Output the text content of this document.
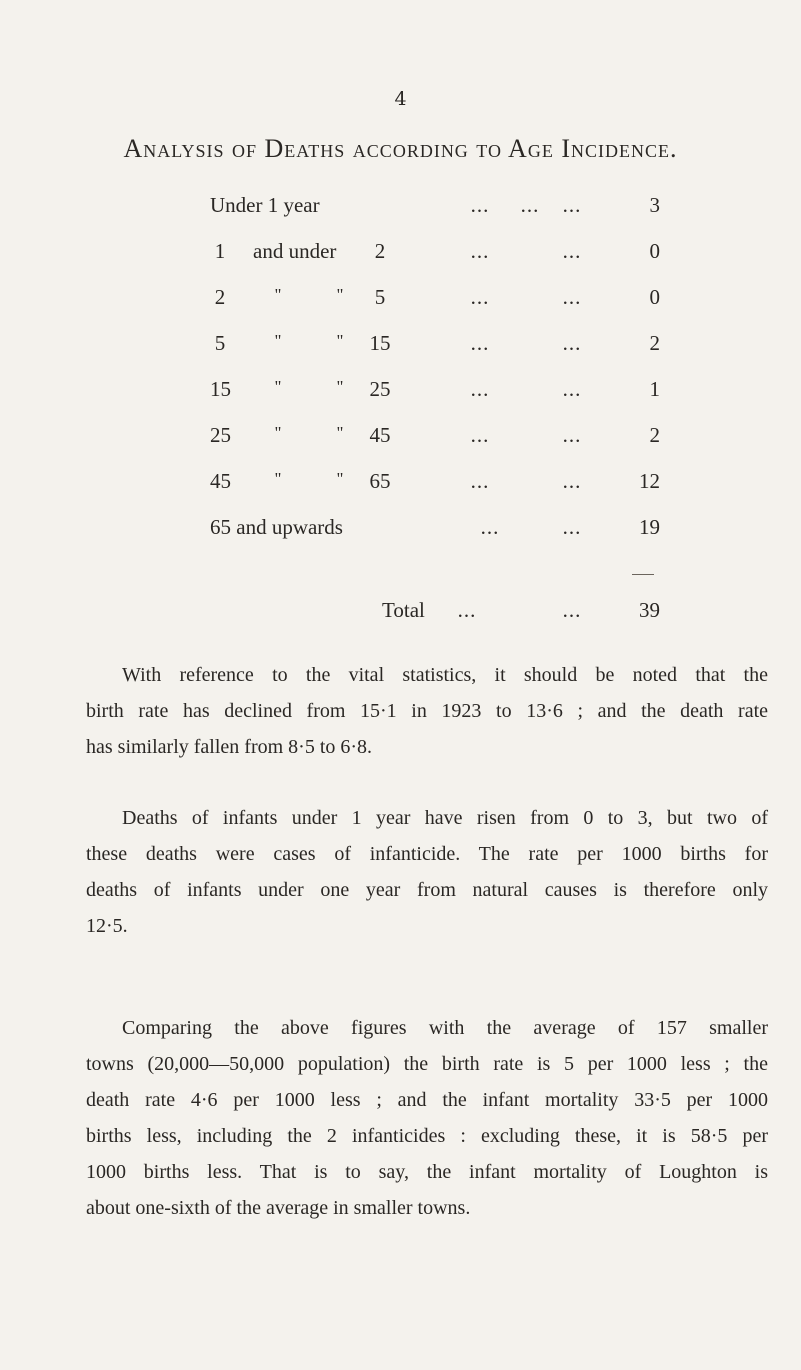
4
Analysis of Deaths according to Age Incidence.
Under 1 year	...	...	...	3
1 and under	2	...	...	0
2	"	"	5	...	...	0
5	"	"	15	...	...	2
15	"	"	25	...	...	1
25	"	"	45	...	...	2
45	"	"	65	...	...	12
65 and upwards	...	...	19
Total	...	...	39
With reference to the vital statistics, it should be noted that the
birth rate has declined from 15·1 in 1923 to 13·6 ; and the death rate
has similarly fallen from 8·5 to 6·8.
Deaths of infants under 1 year have risen from 0 to 3, but two of
these deaths were cases of infanticide. The rate per 1000 births for
deaths of infants under one year from natural causes is therefore only
12·5.
Comparing the above figures with the average of 157 smaller
towns (20,000—50,000 population) the birth rate is 5 per 1000 less ; the
death rate 4·6 per 1000 less ; and the infant mortality 33·5 per 1000
births less, including the 2 infanticides : excluding these, it is 58·5 per
1000 births less. That is to say, the infant mortality of Loughton is
about one-sixth of the average in smaller towns.
